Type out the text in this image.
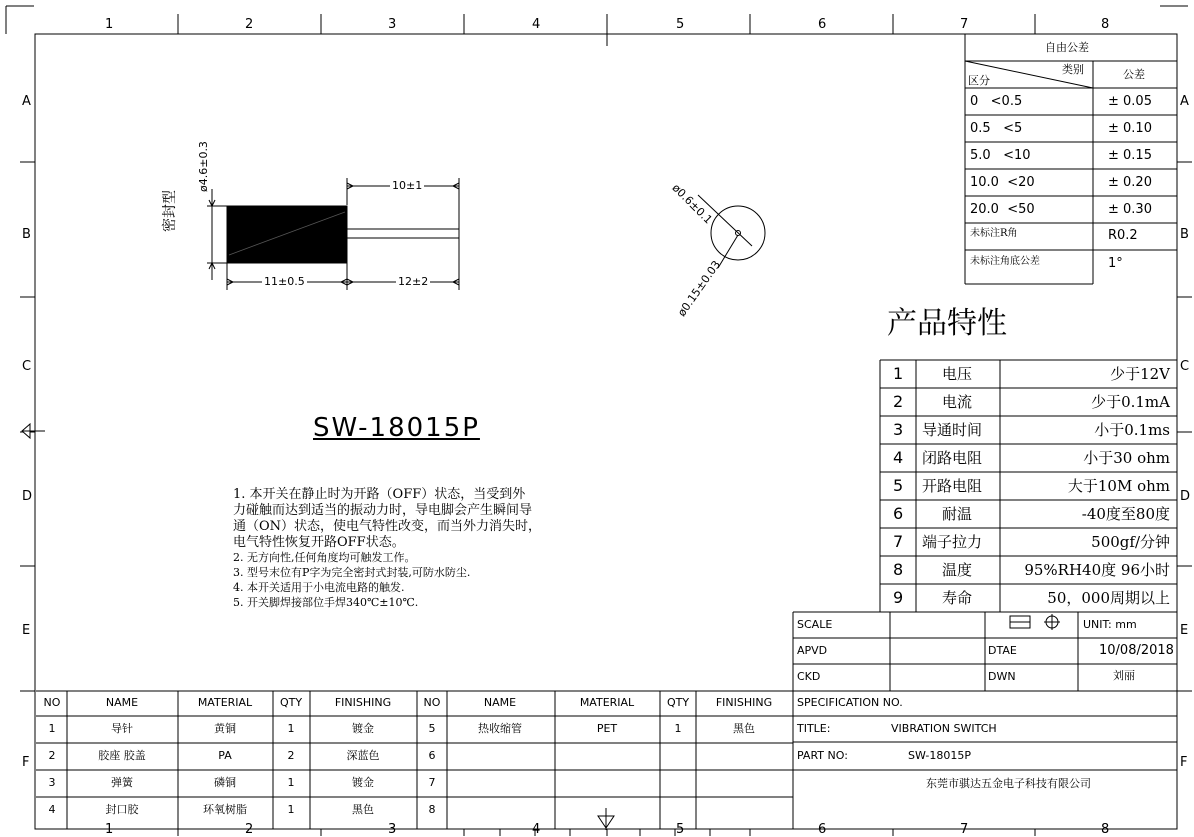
SW-18015P
密封型
ø4.6±0.3
11±0.5	12±2
10±1	ø0.6±0.1
ø0.15±0.03
1. 本开关在静止时为开路（OFF）状态，当受到外
力碰触而达到适当的振动力时，导电脚会产生瞬间导
通（ON）状态，使电气特性改变，而当外力消失时，
电气特性恢复开路OFF状态。
2. 无方向性,任何角度均可触发工作。
3. 型号末位有P字为完全密封式封装,可防水防尘.
4. 本开关适用于小电流电路的触发.
5. 开关脚焊接部位手焊340℃±10℃.
自由公差
类别
区分	公差
产品特性
SCALE	UNIT: mm
APVD	DTAE	10/08/2018
CKD	DWN	刘丽
SPECIFICATION NO.
TITLE:	VIBRATION SWITCH
PART NO:	SW-18015P
东莞市骐达五金电子科技有限公司
NO	NAME	MATERIAL	QTY	FINISHING	NO	NAME	MATERIAL	QTY FINISHING
1	导针	黄铜	1	镀金	5	热收缩管	PET	1	黑色
2	胶座 胶盖	PA	2	深蓝色	6
3	弹簧	磷铜	1	镀金	7
4	封口胶	环氧树脂	1	黑色	8
1
1
2
2
3
3
4
4
5
5
6
6
7
7
8
8
A	A
B	B
C	C
D	D
E	E
F	F
0   <0.5	± 0.05
0.5   <5	± 0.10
5.0   <10	± 0.15
10.0  <20	± 0.20
20.0  <50	± 0.30
未标注R角	R0.2
未标注角底公差	1°
1	电压	少于12V
2	电流	少于0.1mA
3 导通时间	小于0.1ms
4 闭路电阻	小于30 ohm
5 开路电阻	大于10M ohm
6	耐温	-40度至80度
7 端子拉力	500gf/分钟
8	温度	95%RH40度 96小时
9	寿命	50，000周期以上
